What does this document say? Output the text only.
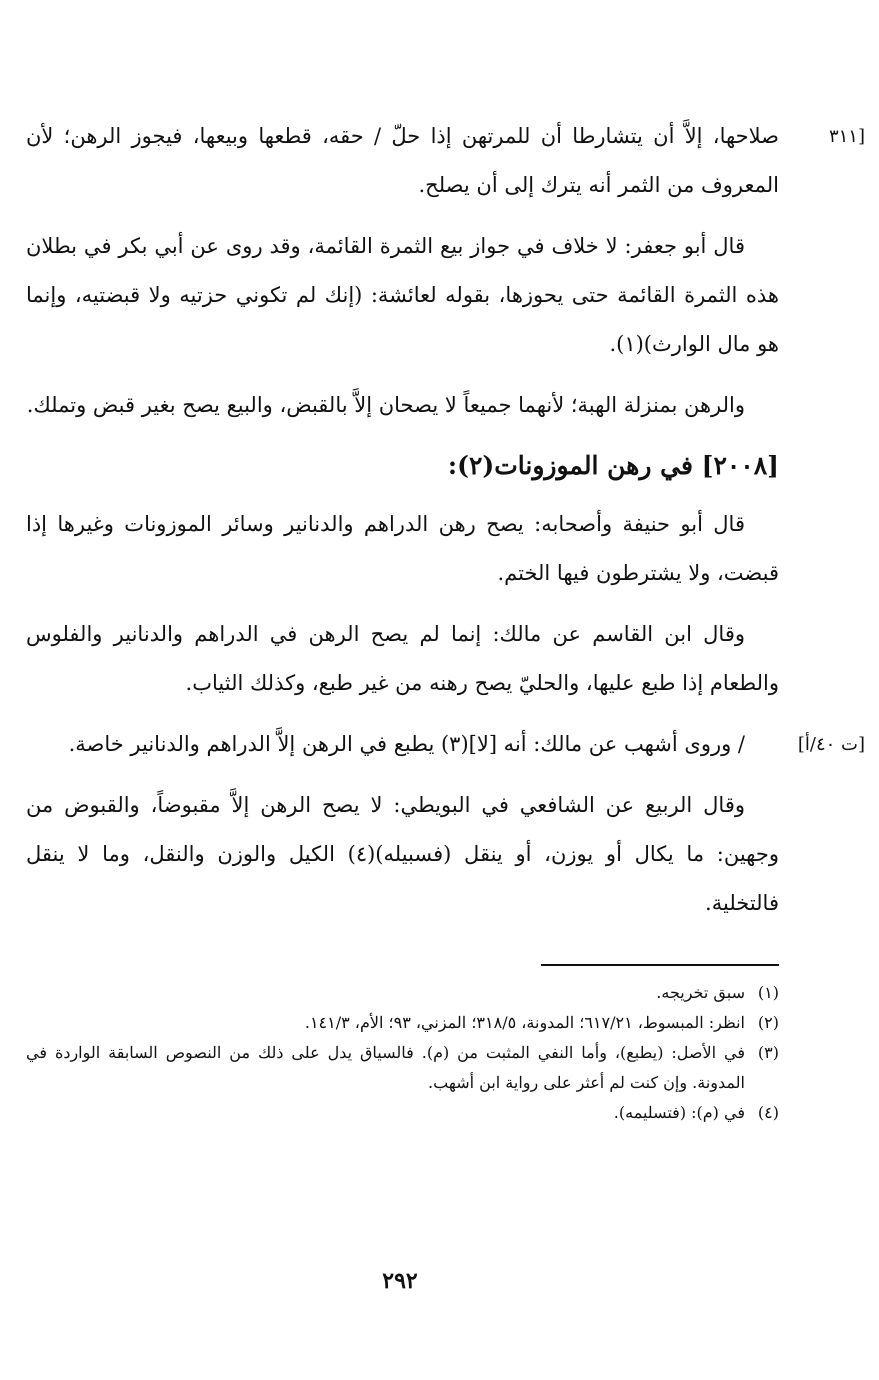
[٣١١

صلاحها، إلاَّ أن يتشارطا أن للمرتهن إذا حلّ / حقه، قطعها وبيعها، فيجوز الرهن؛ لأن المعروف من الثمر أنه يترك إلى أن يصلح.

قال أبو جعفر: لا خلاف في جواز بيع الثمرة القائمة، وقد روى عن أبي بكر في بطلان هذه الثمرة القائمة حتى يحوزها، بقوله لعائشة: (إنك لم تكوني حزتيه ولا قبضتيه، وإنما هو مال الوارث)(١).

والرهن بمنزلة الهبة؛ لأنهما جميعاً لا يصحان إلاَّ بالقبض، والبيع يصح بغير قبض وتملك.

[٢٠٠٨] في رهن الموزونات(٢):

قال أبو حنيفة وأصحابه: يصح رهن الدراهم والدنانير وسائر الموزونات وغيرها إذا قبضت، ولا يشترطون فيها الختم.

وقال ابن القاسم عن مالك: إنما لم يصح الرهن في الدراهم والدنانير والفلوس والطعام إذا طبع عليها، والحليّ يصح رهنه من غير طبع، وكذلك الثياب.

[ت ٤٠/أ]

/ وروى أشهب عن مالك: أنه [لا](٣) يطبع في الرهن إلاَّ الدراهم والدنانير خاصة.

وقال الربيع عن الشافعي في البويطي: لا يصح الرهن إلاَّ مقبوضاً، والقبوض من وجهين: ما يكال أو يوزن، أو ينقل (فسبيله)(٤) الكيل والوزن والنقل، وما لا ينقل فالتخلية.

(١)
سبق تخريجه.
(٢)
انظر: المبسوط، ٦١٧/٢١؛ المدونة، ٣١٨/٥؛ المزني، ٩٣؛ الأم، ١٤١/٣.
(٣)
في الأصل: (يطبع)، وأما النفي المثبت من (م). فالسياق يدل على ذلك من النصوص السابقة الواردة في المدونة. وإن كنت لم أعثر على رواية ابن أشهب.
(٤)
في (م): (فتسليمه).
٢٩٢
